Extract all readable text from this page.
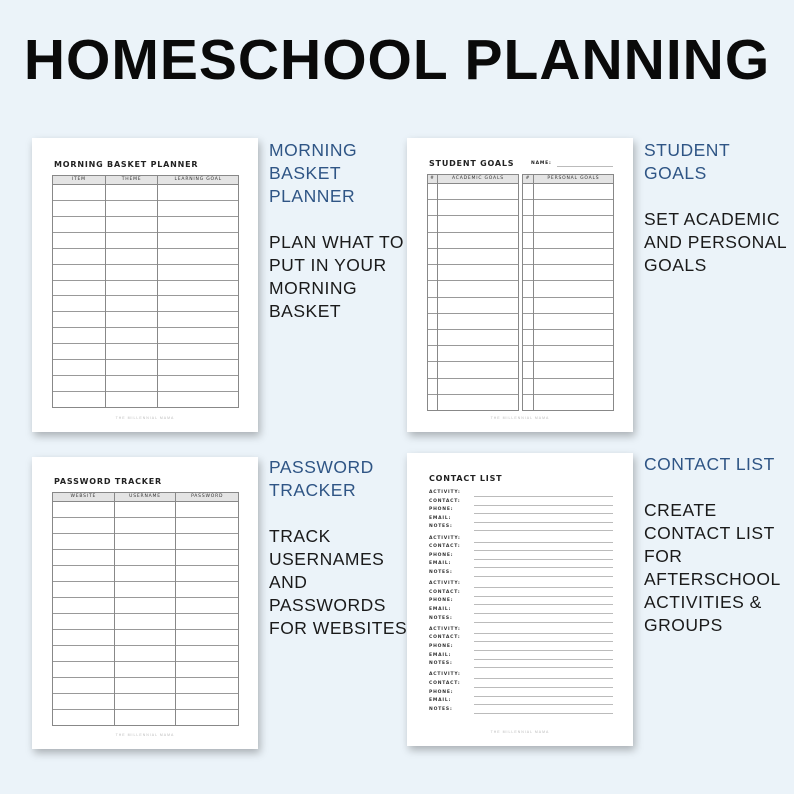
HOMESCHOOL PLANNING
MORNING BASKET PLANNER
ITEM	THEME	LEARNING GOAL
THE MILLENNIAL MAMA
STUDENT GOALS	NAME:
#	ACADEMIC GOALS	#	PERSONAL GOALS
THE MILLENNIAL MAMA
PASSWORD TRACKER
WEBSITE	USERNAME	PASSWORD
THE MILLENNIAL MAMA
CONTACT LIST
ACTIVITY:
CONTACT:
PHONE:
EMAIL:
NOTES:
ACTIVITY:
CONTACT:
PHONE:
EMAIL:
NOTES:
ACTIVITY:
CONTACT:
PHONE:
EMAIL:
NOTES:
ACTIVITY:
CONTACT:
PHONE:
EMAIL:
NOTES:
ACTIVITY:
CONTACT:
PHONE:
EMAIL:
NOTES:
THE MILLENNIAL MAMA
MORNING
BASKET
PLANNER
PLAN WHAT TO
PUT IN YOUR
MORNING
BASKET
STUDENT
GOALS
SET ACADEMIC
AND PERSONAL
GOALS
PASSWORD
TRACKER
TRACK
USERNAMES
AND
PASSWORDS
FOR WEBSITES
CONTACT LIST
CREATE
CONTACT LIST
FOR
AFTERSCHOOL
ACTIVITIES &
GROUPS
